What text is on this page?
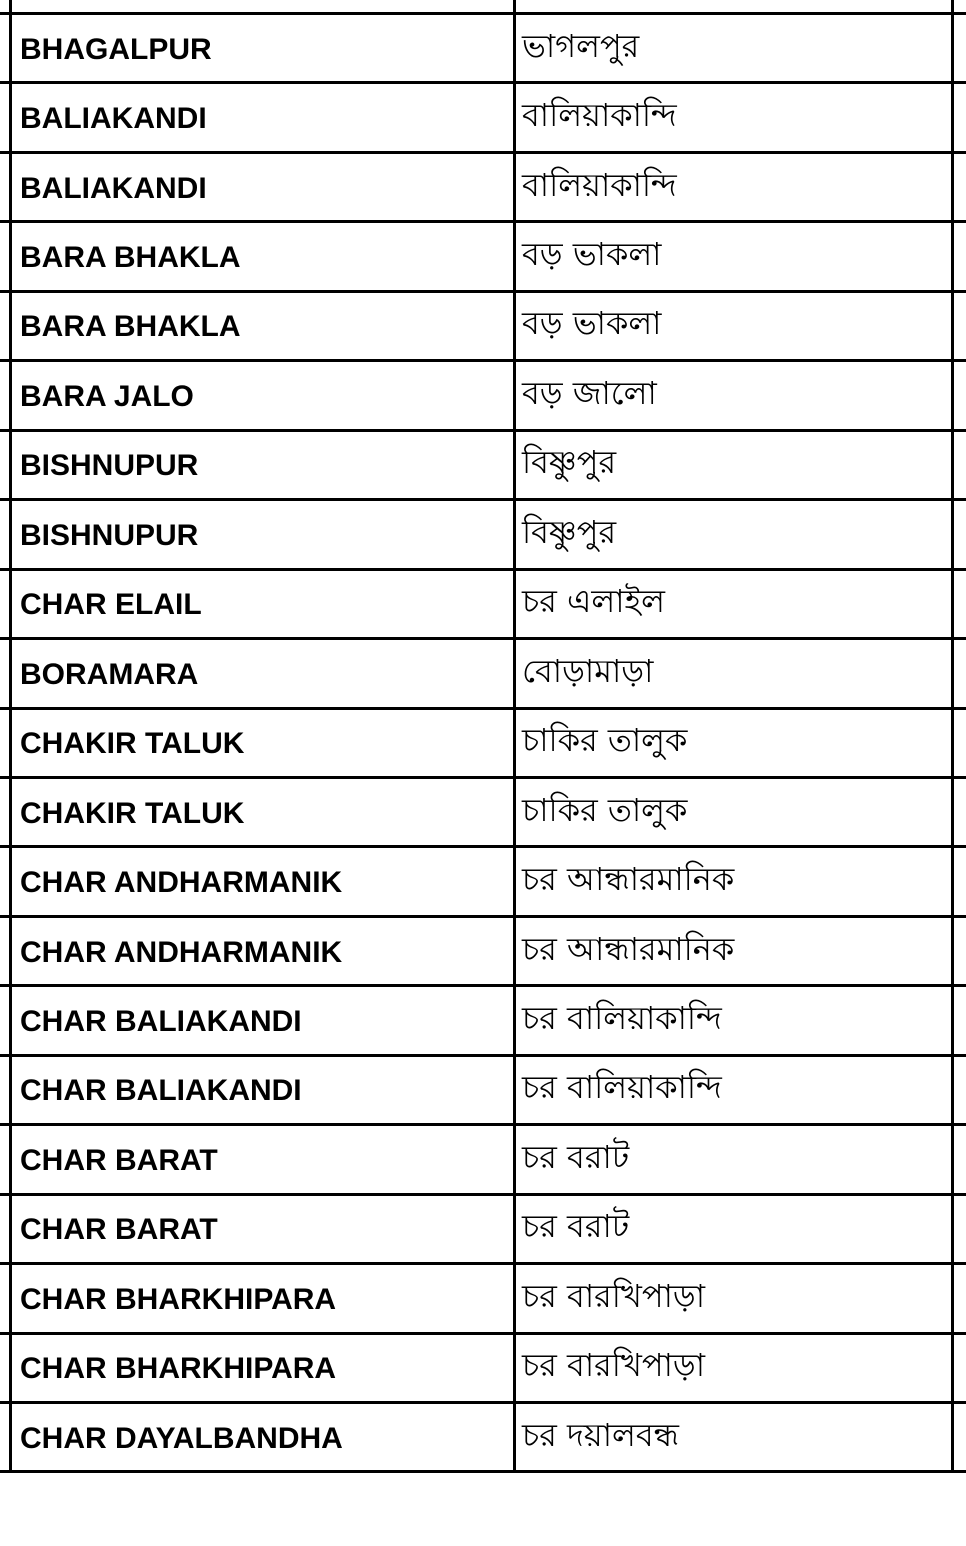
BHAGALPUR	ভাগলপুর
BALIAKANDI	বালিয়াকান্দি
BALIAKANDI	বালিয়াকান্দি
BARA BHAKLA	বড় ভাকলা
BARA BHAKLA	বড় ভাকলা
BARA JALO	বড় জালো
BISHNUPUR	বিষ্ণুপুর
BISHNUPUR	বিষ্ণুপুর
CHAR ELAIL	চর এলাইল
BORAMARA	বোড়ামাড়া
CHAKIR TALUK	চাকির তালুক
CHAKIR TALUK	চাকির তালুক
CHAR ANDHARMANIK	চর আন্ধারমানিক
CHAR ANDHARMANIK	চর আন্ধারমানিক
CHAR BALIAKANDI	চর বালিয়াকান্দি
CHAR BALIAKANDI	চর বালিয়াকান্দি
CHAR BARAT	চর বরাট
CHAR BARAT	চর বরাট
CHAR BHARKHIPARA	চর বারখিপাড়া
CHAR BHARKHIPARA	চর বারখিপাড়া
CHAR DAYALBANDHA	চর দয়ালবন্ধ
